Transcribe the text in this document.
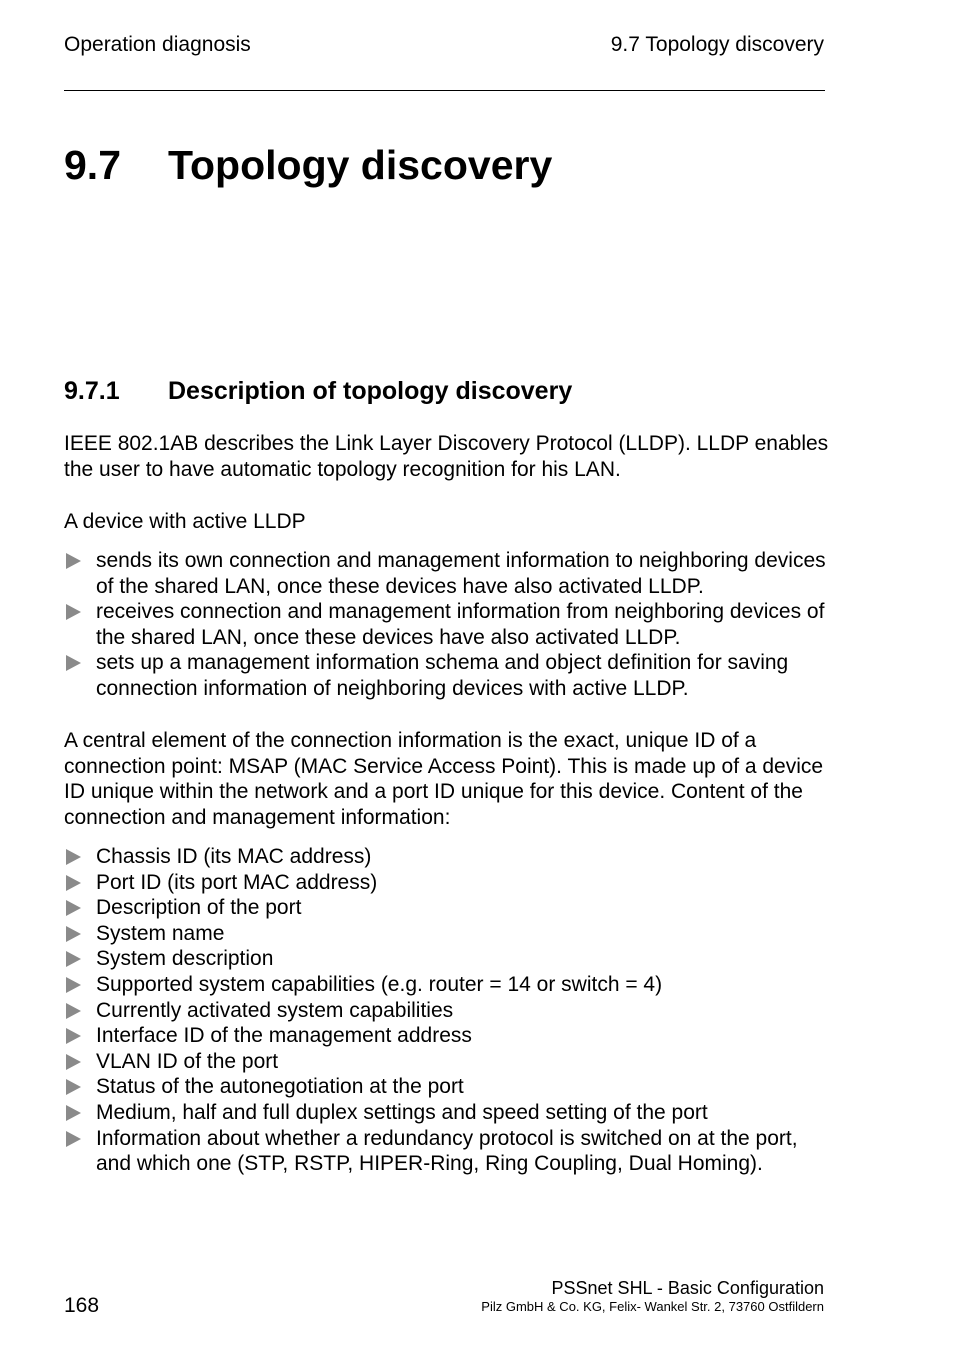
Operation diagnosis	9.7 Topology discovery
9.7 Topology discovery
9.7.1 Description of topology discovery

IEEE 802.1AB describes the Link Layer Discovery Protocol (LLDP). LLDP enables the user to have automatic topology recognition for his LAN.

A device with active LLDP

sends its own connection and management information to neighboring devices of the shared LAN, once these devices have also activated LLDP.
receives connection and management information from neighboring devices of the shared LAN, once these devices have also activated LLDP.
sets up a management information schema and object definition for saving connection information of neighboring devices with active LLDP.

A central element of the connection information is the exact, unique ID of a connection point: MSAP (MAC Service Access Point). This is made up of a device ID unique within the network and a port ID unique for this device. Content of the connection and management information:

Chassis ID (its MAC address)
Port ID (its port MAC address)
Description of the port
System name
System description
Supported system capabilities (e.g. router = 14 or switch = 4)
Currently activated system capabilities
Interface ID of the management address
VLAN ID of the port
Status of the autonegotiation at the port
Medium, half and full duplex settings and speed setting of the port
Information about whether a redundancy protocol is switched on at the port, and which one (STP, RSTP, HIPER-Ring, Ring Coupling, Dual Homing).
168
PSSnet SHL - Basic Configuration
Pilz GmbH & Co. KG, Felix- Wankel Str. 2, 73760 Ostfildern
